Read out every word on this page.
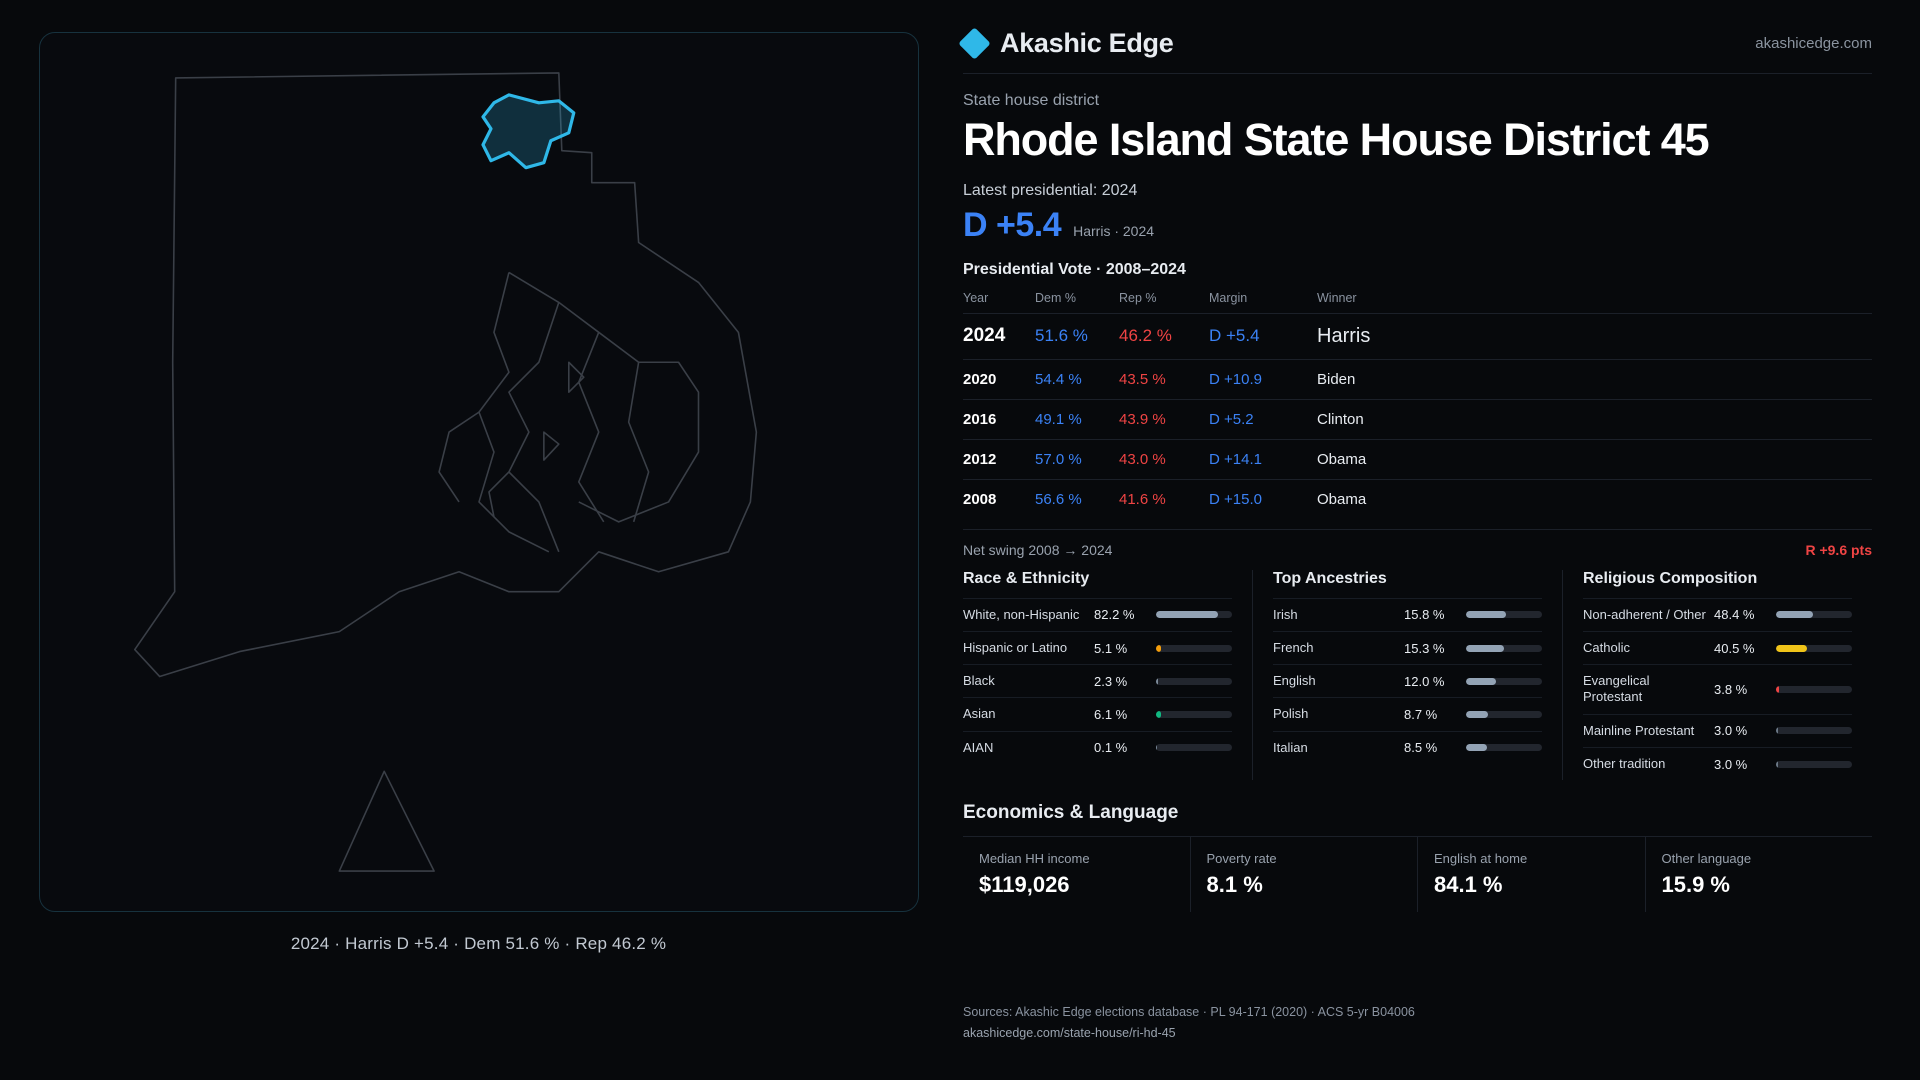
2024 · Harris D +5.4 · Dem 51.6 % · Rep 46.2 %
Akashic Edge	akashicedge.com
State house district
Rhode Island State House District 45
Latest presidential: 2024
D +5.4 Harris · 2024
Presidential Vote · 2008–2024
Year	Dem %	Rep %	Margin	Winner
2024	51.6 %	46.2 %	D +5.4	Harris
2020	54.4 %	43.5 %	D +10.9	Biden
2016	49.1 %	43.9 %	D +5.2	Clinton
2012	57.0 %	43.0 %	D +14.1	Obama
2008	56.6 %	41.6 %	D +15.0	Obama
Net swing 2008 → 2024	R +9.6 pts
Race & Ethnicity
White, non-Hispanic	82.2 %
Hispanic or Latino	5.1 %
Black	2.3 %
Asian	6.1 %
AIAN	0.1 %
Top Ancestries
Irish	15.8 %
French	15.3 %
English	12.0 %
Polish	8.7 %
Italian	8.5 %
Religious Composition
Non-adherent / Other 48.4 %
Catholic	40.5 %
Evangelical Protestant	3.8 %
Mainline Protestant	3.0 %
Other tradition	3.0 %
Economics & Language
Median HH income
$119,026
Poverty rate
8.1 %
English at home
84.1 %
Other language
15.9 %
Sources: Akashic Edge elections database · PL 94-171 (2020) · ACS 5-yr B04006
akashicedge.com/state-house/ri-hd-45
